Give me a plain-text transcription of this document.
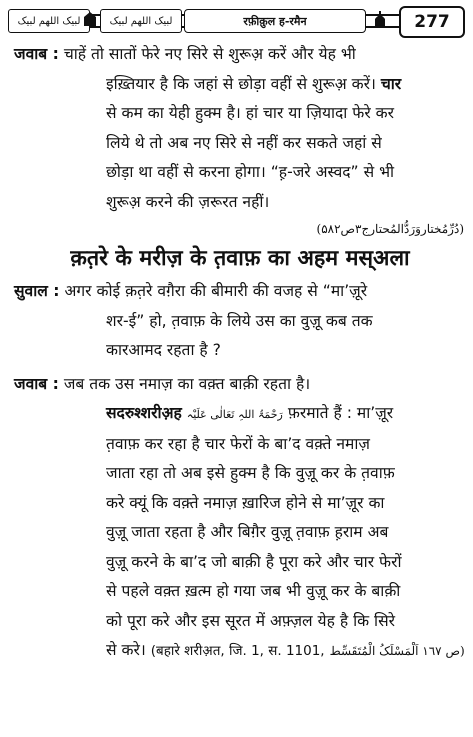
لبیک اللھم لبیک	لبیک اللھم لبیک	रफ़ीक़ुल ह-रमैन	277
जवाब : चाहें तो सातों फेरे नए सिरे से शुरूअ़ करें और येह भी
इख़्तियार है कि जहां से छोड़ा वहीं से शुरूअ़ करें। चार
से कम का येही हुक्म है। हां चार या ज़ियादा फेरे कर
लिये थे तो अब नए सिरे से नहीं कर सकते जहां से
छोड़ा था वहीं से करना होगा। “ह़-जरे अस्वद” से भी
शुरूअ़ करने की ज़रूरत नहीं।
(دُرِّمُختاروَرَدُّالمُحتارج۳ص۵۸۲)
क़त़रे के मरीज़ के त़वाफ़ का अहम मस्अला
सुवाल : अगर कोई क़त़रे वग़ैरा की बीमारी की वजह से “मा’ज़ूरे
शर-ई” हो, त़वाफ़ के लिये उस का वुज़ू कब तक
कारआमद रहता है ?
जवाब : जब तक उस नमाज़ का वक़्त बाक़ी रहता है।
सदरुश्शरीअ़ह رَحْمَۃُ اللہِ تَعَالٰی عَلَیْہ फ़रमाते हैं : मा’ज़ूर
त़वाफ़ कर रहा है चार फेरों के बा’द वक़्ते नमाज़
जाता रहा तो अब इसे हुक्म है कि वुज़ू कर के त़वाफ़
करे क्यूं कि वक़्ते नमाज़ ख़ारिज होने से मा’ज़ूर का
वुज़ू जाता रहता है और बिग़ैर वुज़ू त़वाफ़ ह़राम अब
वुज़ू करने के बा’द जो बाक़ी है पूरा करे और चार फेरों
से पहले वक़्त ख़त्म हो गया जब भी वुज़ू कर के बाक़ी
को पूरा करे और इस सूरत में अफ़्ज़ल येह है कि सिरे
से करे। (बहारे शरीअ़त, जि. 1, स. 1101, ص ١٦٧ اَلْمَسْلَکُ الْمُتَقَسِّط)
